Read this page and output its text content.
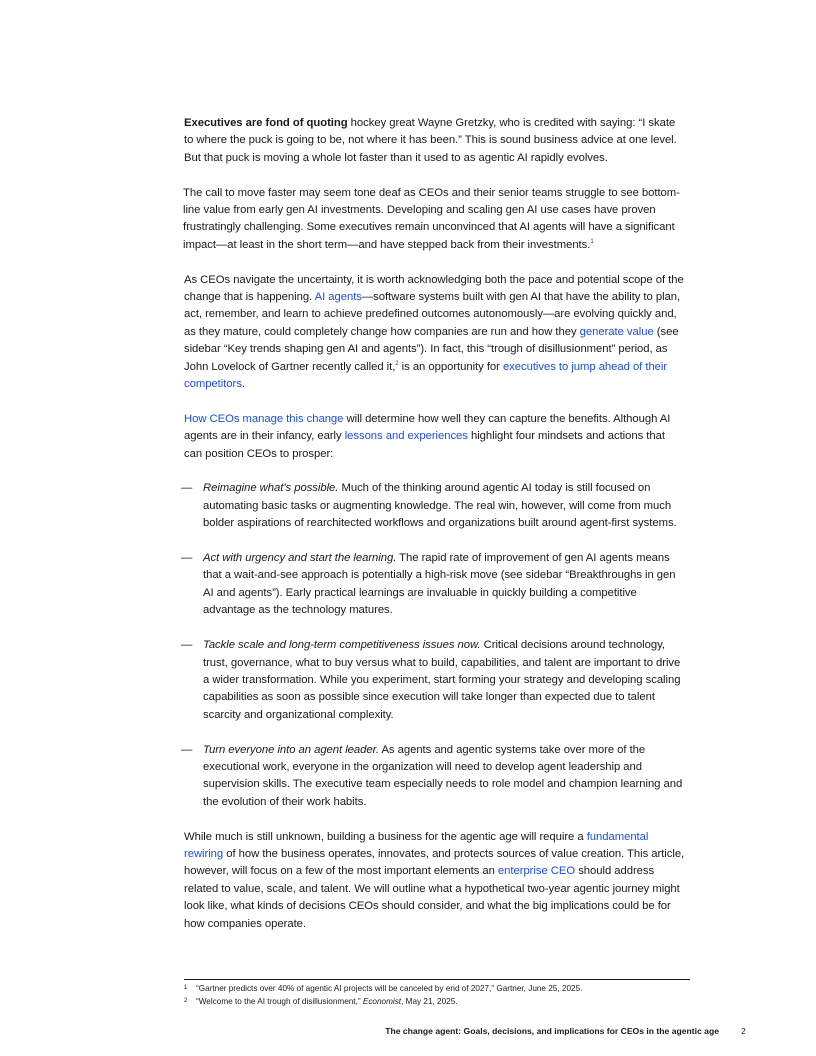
Executives are fond of quoting hockey great Wayne Gretzky, who is credited with saying: “I skate to where the puck is going to be, not where it has been.” This is sound business advice at one level. But that puck is moving a whole lot faster than it used to as agentic AI rapidly evolves.

The call to move faster may seem tone deaf as CEOs and their senior teams struggle to see bottom-line value from early gen AI investments. Developing and scaling gen AI use cases have proven frustratingly challenging. Some executives remain unconvinced that AI agents will have a significant impact—at least in the short term—and have stepped back from their investments.$^1$

As CEOs navigate the uncertainty, it is worth acknowledging both the pace and potential scope of the change that is happening. AI agents—software systems built with gen AI that have the ability to plan, act, remember, and learn to achieve predefined outcomes autonomously—are evolving quickly and, as they mature, could completely change how companies are run and how they generate value (see sidebar “Key trends shaping gen AI and agents”). In fact, this “trough of disillusionment” period, as John Lovelock of Gartner recently called it,$^2$ is an opportunity for executives to jump ahead of their competitors.

How CEOs manage this change will determine how well they can capture the benefits. Although AI agents are in their infancy, early lessons and experiences highlight four mindsets and actions that can position CEOs to prosper:

— Reimagine what’s possible. Much of the thinking around agentic AI today is still focused on automating basic tasks or augmenting knowledge. The real win, however, will come from much bolder aspirations of rearchitected workflows and organizations built around agent-first systems.
— Act with urgency and start the learning. The rapid rate of improvement of gen AI agents means that a wait-and-see approach is potentially a high-risk move (see sidebar “Breakthroughs in gen AI and agents”). Early practical learnings are invaluable in quickly building a competitive advantage as the technology matures.
— Tackle scale and long-term competitiveness issues now. Critical decisions around technology, trust, governance, what to buy versus what to build, capabilities, and talent are important to drive a wider transformation. While you experiment, start forming your strategy and developing scaling capabilities as soon as possible since execution will take longer than expected due to talent scarcity and organizational complexity.
— Turn everyone into an agent leader. As agents and agentic systems take over more of the executional work, everyone in the organization will need to develop agent leadership and supervision skills. The executive team especially needs to role model and champion learning and the evolution of their work habits.

While much is still unknown, building a business for the agentic age will require a fundamental rewiring of how the business operates, innovates, and protects sources of value creation. This article, however, will focus on a few of the most important elements an enterprise CEO should address related to value, scale, and talent. We will outline what a hypothetical two-year agentic journey might look like, what kinds of decisions CEOs should consider, and what the big implications could be for how companies operate.

1 “Gartner predicts over 40% of agentic AI projects will be canceled by end of 2027,” Gartner, June 25, 2025.
2 “Welcome to the AI trough of disillusionment,” Economist, May 21, 2025.
The change agent: Goals, decisions, and implications for CEOs in the agentic age	2
